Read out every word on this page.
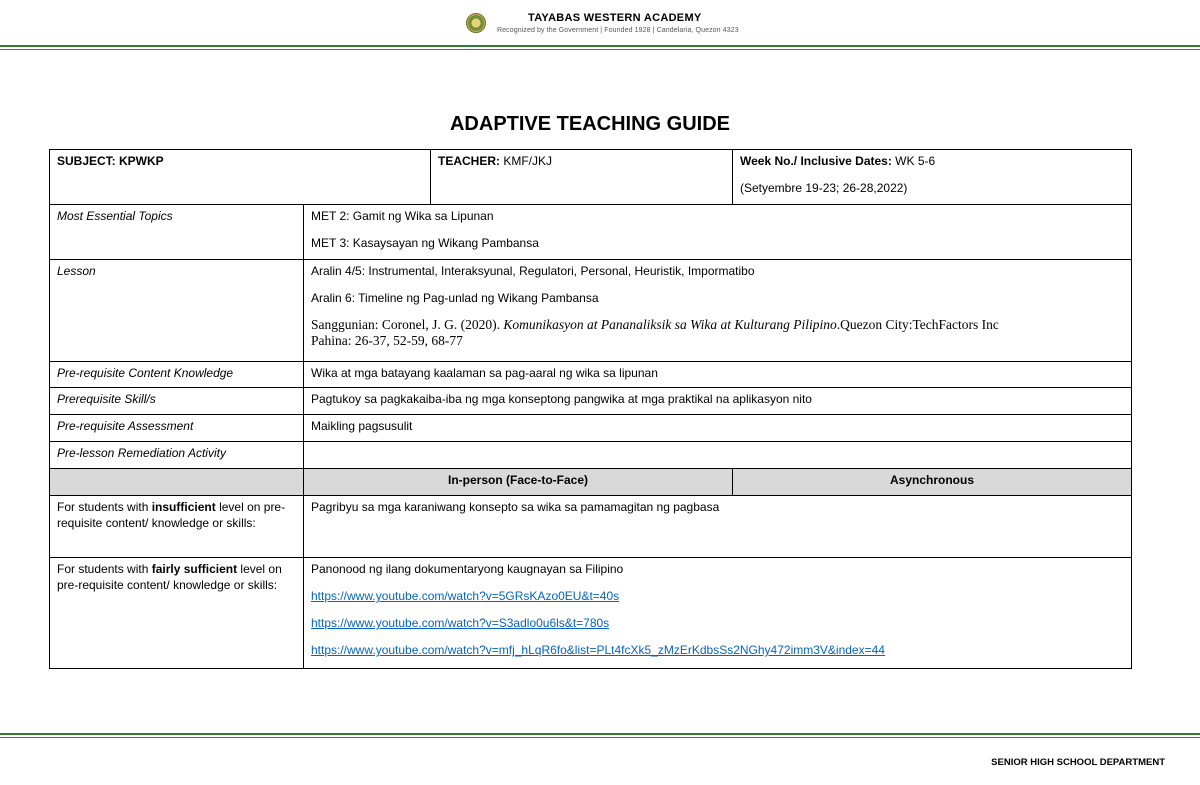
TAYABAS WESTERN ACADEMY
Recognized by the Government | Founded 1928 | Candelaria, Quezon 4323
ADAPTIVE TEACHING GUIDE
SUBJECT: KPWKP		TEACHER: KMF/JKJ	Week No./ Inclusive Dates: WK 5-6

(Setyembre 19-23; 26-28,2022)

Most Essential Topics	MET 2: Gamit ng Wika sa Lipunan

MET 3: Kasaysayan ng Wikang Pambansa		

Lesson	Aralin 4/5: Instrumental, Interaksyunal, Regulatori, Personal, Heuristik, Impormatibo

Aralin 6: Timeline ng Pag-unlad ng Wikang Pambansa

Sanggunian: Coronel, J. G. (2020). Komunikasyon at Pananaliksik sa Wika at Kulturang Pilipino.Quezon City:TechFactors Inc

Pahina: 26-37, 52-59, 68-77		

Pre-requisite Content Knowledge	Wika at mga batayang kaalaman sa pag-aaral ng wika sa lipunan		
Prerequisite Skill/s	Pagtukoy sa pagkakaiba-iba ng mga konseptong pangwika at mga praktikal na aplikasyon nito		
Pre-requisite Assessment	Maikling pagsusulit		
Pre-lesson Remediation Activity			
	In-person (Face-to-Face)		Asynchronous
For students with insufficient level on pre-requisite content/ knowledge or skills:	Pagribyu sa mga karaniwang konsepto sa wika sa pamamagitan ng pagbasa		
For students with fairly sufficient level on pre-requisite content/ knowledge or skills:	Panonood ng ilang dokumentaryong kaugnayan sa Filipino

https://www.youtube.com/watch?v=5GRsKAzo0EU&t=40s

https://www.youtube.com/watch?v=S3adlo0u6ls&t=780s

https://www.youtube.com/watch?v=mfj_hLqR6fo&list=PLt4fcXk5_zMzErKdbsSs2NGhy472imm3V&index=44		

SENIOR HIGH SCHOOL DEPARTMENT
